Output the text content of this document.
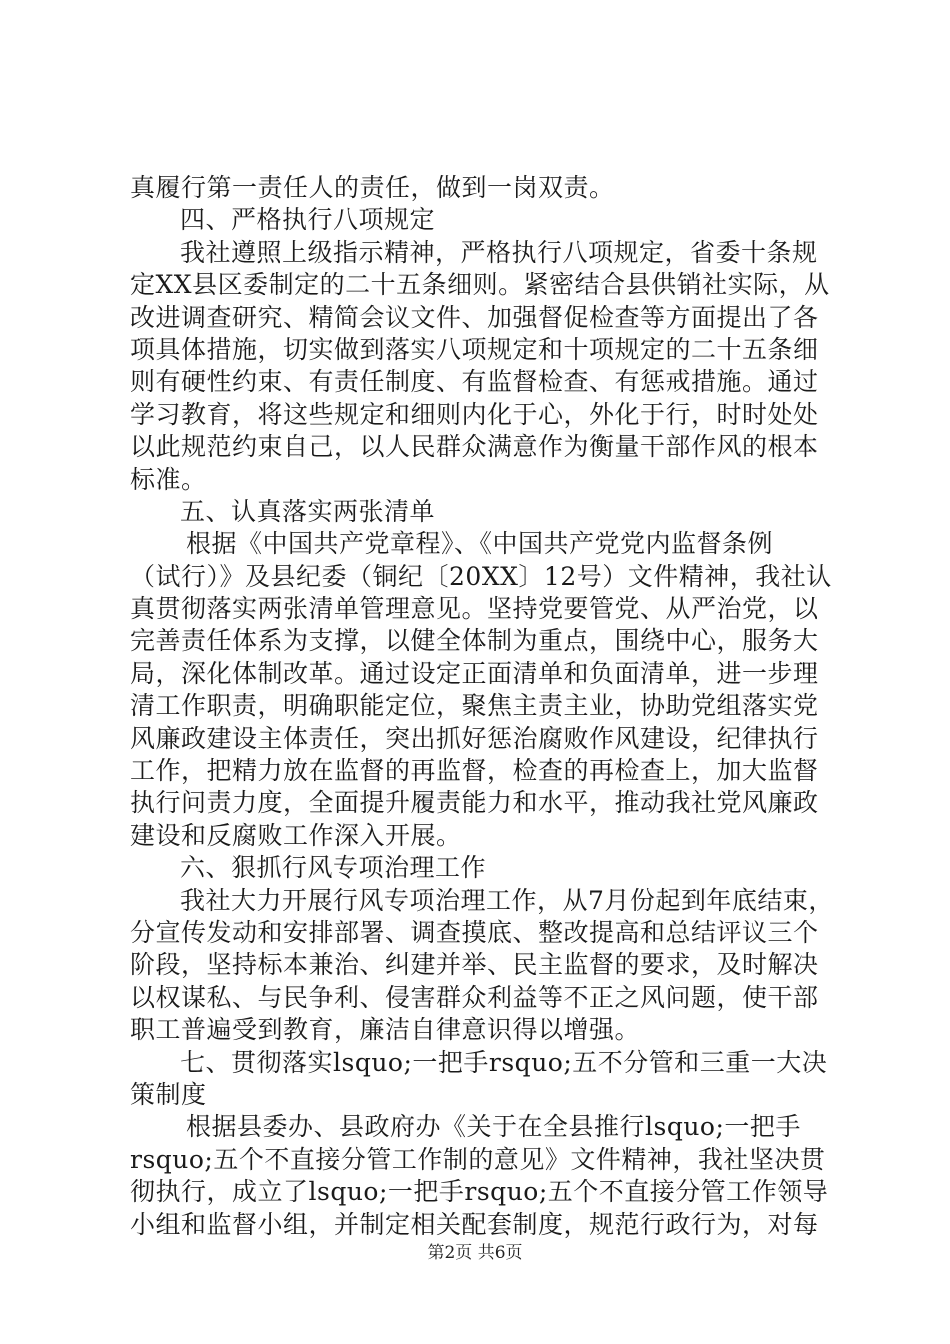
真履行第一责任人的责任，做到一岗双责。
四、严格执行八项规定
我社遵照上级指示精神，严格执行八项规定，省委十条规
定XX县区委制定的二十五条细则。紧密结合县供销社实际，从
改进调查研究、精简会议文件、加强督促检查等方面提出了各
项具体措施，切实做到落实八项规定和十项规定的二十五条细
则有硬性约束、有责任制度、有监督检查、有惩戒措施。通过
学习教育，将这些规定和细则内化于心，外化于行，时时处处
以此规范约束自己，以人民群众满意作为衡量干部作风的根本
标准。
五、认真落实两张清单
根据《中国共产党章程》、《中国共产党党内监督条例
（试行）》及县纪委（铜纪〔20XX〕12号）文件精神，我社认
真贯彻落实两张清单管理意见。坚持党要管党、从严治党，以
完善责任体系为支撑，以健全体制为重点，围绕中心，服务大
局，深化体制改革。通过设定正面清单和负面清单，进一步理
清工作职责，明确职能定位，聚焦主责主业，协助党组落实党
风廉政建设主体责任，突出抓好惩治腐败作风建设，纪律执行
工作，把精力放在监督的再监督，检查的再检查上，加大监督
执行问责力度，全面提升履责能力和水平，推动我社党风廉政
建设和反腐败工作深入开展。
六、狠抓行风专项治理工作
我社大力开展行风专项治理工作，从7月份起到年底结束，
分宣传发动和安排部署、调查摸底、整改提高和总结评议三个
阶段，坚持标本兼治、纠建并举、民主监督的要求，及时解决
以权谋私、与民争利、侵害群众利益等不正之风问题，使干部
职工普遍受到教育，廉洁自律意识得以增强。
七、贯彻落实lsquo;一把手rsquo;五不分管和三重一大决
策制度
根据县委办、县政府办《关于在全县推行lsquo;一把手
rsquo;五个不直接分管工作制的意见》文件精神，我社坚决贯
彻执行，成立了lsquo;一把手rsquo;五个不直接分管工作领导
小组和监督小组，并制定相关配套制度，规范行政行为，对每
第2页 共6页
